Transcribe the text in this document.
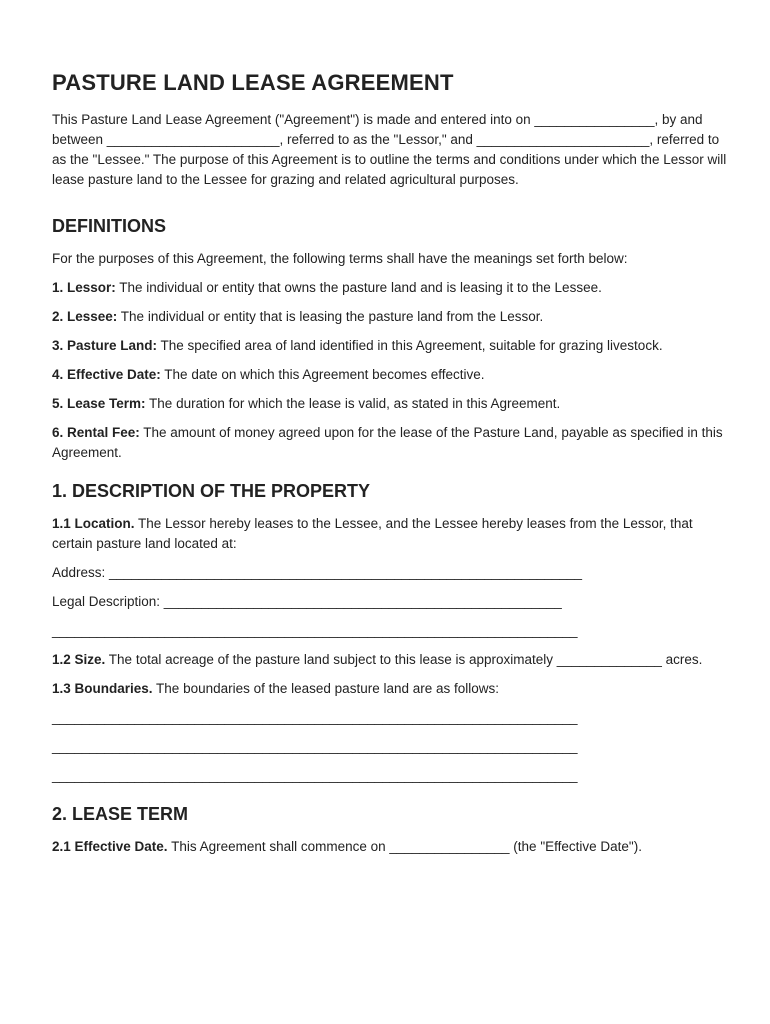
PASTURE LAND LEASE AGREEMENT

This Pasture Land Lease Agreement ("Agreement") is made and entered into on ________________, by and between _______________________, referred to as the "Lessor," and _______________________, referred to as the "Lessee." The purpose of this Agreement is to outline the terms and conditions under which the Lessor will lease pasture land to the Lessee for grazing and related agricultural purposes.

DEFINITIONS

For the purposes of this Agreement, the following terms shall have the meanings set forth below:

1. Lessor: The individual or entity that owns the pasture land and is leasing it to the Lessee.

2. Lessee: The individual or entity that is leasing the pasture land from the Lessor.

3. Pasture Land: The specified area of land identified in this Agreement, suitable for grazing livestock.

4. Effective Date: The date on which this Agreement becomes effective.

5. Lease Term: The duration for which the lease is valid, as stated in this Agreement.

6. Rental Fee: The amount of money agreed upon for the lease of the Pasture Land, payable as specified in this Agreement.

1. DESCRIPTION OF THE PROPERTY

1.1 Location. The Lessor hereby leases to the Lessee, and the Lessee hereby leases from the Lessor, that certain pasture land located at:

Address: _______________________________________________________________

Legal Description: _____________________________________________________

______________________________________________________________________

1.2 Size. The total acreage of the pasture land subject to this lease is approximately ______________ acres.

1.3 Boundaries. The boundaries of the leased pasture land are as follows:

______________________________________________________________________

______________________________________________________________________

______________________________________________________________________

2. LEASE TERM

2.1 Effective Date. This Agreement shall commence on ________________ (the "Effective Date").
